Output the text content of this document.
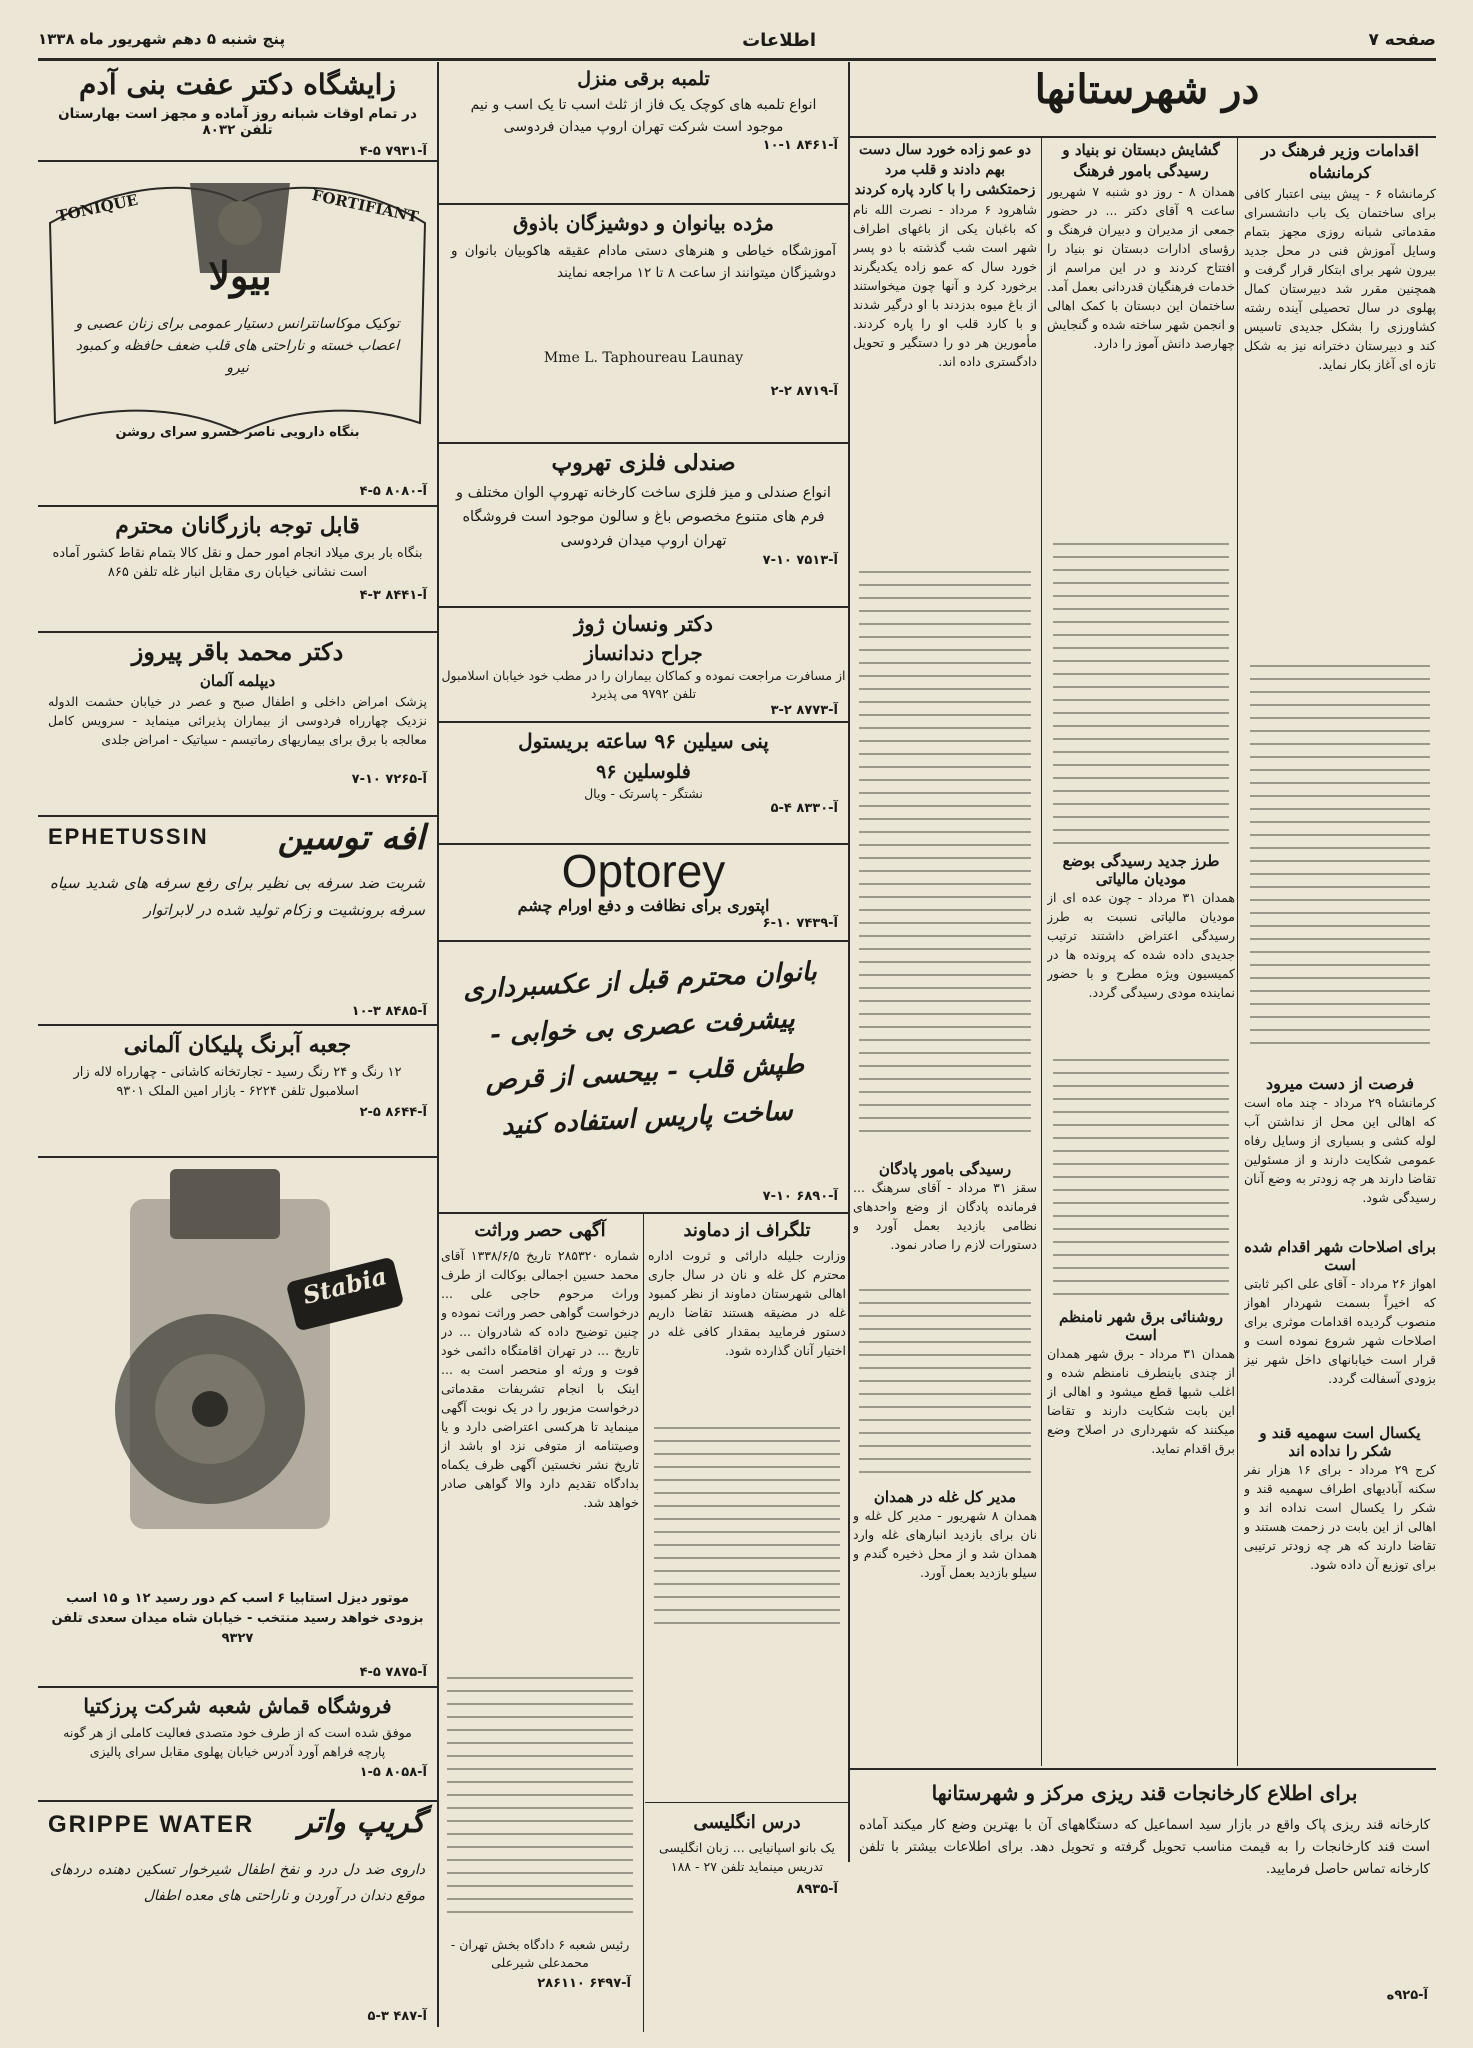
صفحه ۷
اطلاعات
پنج شنبه ۵ دهم شهریور ماه ۱۳۳۸
در شهرستانها
اقدامات وزیر فرهنگ در کرمانشاه
کرمانشاه ۶ - پیش بینی اعتبار کافی برای ساختمان یک باب دانشسرای مقدماتی شبانه روزی مجهز بتمام وسایل آموزش فنی در محل جدید بیرون شهر برای ابتکار قرار گرفت و همچنین مقرر شد دبیرستان کمال پهلوی در سال تحصیلی آینده رشته کشاورزی را بشکل جدیدی تاسیس کند و دبیرستان دخترانه نیز به شکل تازه ای آغاز بکار نماید.
فرصت از دست میرود
کرمانشاه ۲۹ مرداد - چند ماه است که اهالی این محل از نداشتن آب لوله کشی و بسیاری از وسایل رفاه عمومی شکایت دارند و از مسئولین تقاضا دارند هر چه زودتر به وضع آنان رسیدگی شود.
برای اصلاحات شهر اقدام شده است
اهواز ۲۶ مرداد - آقای علی اکبر ثابتی که اخیراً بسمت شهردار اهواز منصوب گردیده اقدامات موثری برای اصلاحات شهر شروع نموده است و قرار است خیابانهای داخل شهر نیز بزودی آسفالت گردد.
یکسال است سهمیه قند و شکر را نداده اند
کرج ۲۹ مرداد - برای ۱۶ هزار نفر سکنه آبادیهای اطراف سهمیه قند و شکر را یکسال است نداده اند و اهالی از این بابت در زحمت هستند و تقاضا دارند که هر چه زودتر ترتیبی برای توزیع آن داده شود.
گشایش دبستان نو بنیاد و رسیدگی بامور فرهنگ
همدان ۸ - روز دو شنبه ۷ شهریور ساعت ۹ آقای دکتر ... در حضور جمعی از مدیران و دبیران فرهنگ و رؤسای ادارات دبستان نو بنیاد را افتتاح کردند و در این مراسم از خدمات فرهنگیان قدردانی بعمل آمد. ساختمان این دبستان با کمک اهالی و انجمن شهر ساخته شده و گنجایش چهارصد دانش آموز را دارد.
طرز جدید رسیدگی بوضع مودیان مالیاتی
همدان ۳۱ مرداد - چون عده ای از مودیان مالیاتی نسبت به طرز رسیدگی اعتراض داشتند ترتیب جدیدی داده شده که پرونده ها در کمیسیون ویژه مطرح و با حضور نماینده مودی رسیدگی گردد.
روشنائی برق شهر نامنظم است
همدان ۳۱ مرداد - برق شهر همدان از چندی باینطرف نامنظم شده و اغلب شبها قطع میشود و اهالی از این بابت شکایت دارند و تقاضا میکنند که شهرداری در اصلاح وضع برق اقدام نماید.
دو عمو زاده خورد سال دست بهم دادند و قلب مرد زحمتکشی را با کارد پاره کردند
شاهرود ۶ مرداد - نصرت الله نام که باغبان یکی از باغهای اطراف شهر است شب گذشته با دو پسر خورد سال که عمو زاده یکدیگرند برخورد کرد و آنها چون میخواستند از باغ میوه بدزدند با او درگیر شدند و با کارد قلب او را پاره کردند. مأمورین هر دو را دستگیر و تحویل دادگستری داده اند.
رسیدگی بامور پادگان
سقز ۳۱ مرداد - آقای سرهنگ ... فرمانده پادگان از وضع واحدهای نظامی بازدید بعمل آورد و دستورات لازم را صادر نمود.
مدیر کل غله در همدان
همدان ۸ شهریور - مدیر کل غله و نان برای بازدید انبارهای غله وارد همدان شد و از محل ذخیره گندم و سیلو بازدید بعمل آورد.
برای اطلاع کارخانجات قند ریزی مرکز و شهرستانها
کارخانه قند ریزی پاک واقع در بازار سید اسماعیل که دستگاههای آن با بهترین وضع کار میکند آماده است قند کارخانجات را به قیمت مناسب تحویل گرفته و تحویل دهد. برای اطلاعات بیشتر با تلفن کارخانه تماس حاصل فرمایید.
آ-۹۲۵ه
تلمبه برقی منزل
انواع تلمبه های کوچک یک فاز از ثلث اسب تا یک اسب و نیم موجود است شرکت تهران اروپ میدان فردوسی
آ-۸۴۶۱ ۱-۱۰
مژده بیانوان و دوشیزگان باذوق
آموزشگاه خیاطی و هنرهای دستی مادام عقیقه هاکوبیان بانوان و دوشیزگان میتوانند از ساعت ۸ تا ۱۲ مراجعه نمایند
Mme L. Taphoureau Launay
آ-۸۷۱۹ ۲-۲
صندلی فلزی تهروپ
انواع صندلی و میز فلزی ساخت کارخانه تهروپ الوان مختلف و فرم های متنوع مخصوص باغ و سالون موجود است فروشگاه تهران اروپ میدان فردوسی
آ-۷۵۱۳ ۱۰-۷
دکتر ونسان ژوژ
جراح دندانساز
از مسافرت مراجعت نموده و کماکان بیماران را در مطب خود خیابان اسلامبول تلفن ۹۷۹۲ می پذیرد
آ-۸۷۷۳ ۲-۳
پنی سیلین ۹۶ ساعته بریستول
فلوسلین ۹۶
نشتگر - پاسرتک - ویال
آ-۸۳۳۰ ۴-۵
Optorey
اپتوری برای نظافت و دفع اورام چشم
آ-۷۴۳۹ ۱۰-۶
بانوان محترم قبل از عکسبرداری پیشرفت عصری بی خوابی - طپش قلب - بیحسی از قرص ساخت پاریس استفاده کنید
آ-۶۸۹۰ ۱۰-۷
تلگراف از دماوند
وزارت جلیله دارائی و ثروت اداره محترم کل غله و نان در سال جاری اهالی شهرستان دماوند از نظر کمبود غله در مضیقه هستند تقاضا داریم دستور فرمایید بمقدار کافی غله در اختیار آنان گذارده شود.
درس انگلیسی
یک بانو اسپانیایی ... زبان انگلیسی تدریس مینماید تلفن ۲۷ - ۱۸۸
آ-۸۹۳۵
آگهی حصر وراثت
شماره ۲۸۵۳۲۰ تاریخ ۱۳۳۸/۶/۵ آقای محمد حسین اجمالی بوکالت از طرف وراث مرحوم حاجی علی ... درخواست گواهی حصر وراثت نموده و چنین توضیح داده که شادروان ... در تاریخ ... در تهران اقامتگاه دائمی خود فوت و ورثه او منحصر است به ... اینک با انجام تشریفات مقدماتی درخواست مزبور را در یک نوبت آگهی مینماید تا هرکسی اعتراضی دارد و یا وصیتنامه از متوفی نزد او باشد از تاریخ نشر نخستین آگهی ظرف یکماه بدادگاه تقدیم دارد والا گواهی صادر خواهد شد.
رئیس شعبه ۶ دادگاه بخش تهران - محمدعلی شیرعلی
آ-۶۴۹۷ ۲۸۶۱۱۰
زایشگاه دکتر عفت بنی آدم
در تمام اوقات شبانه روز آماده و مجهز است بهارستان تلفن ۸۰۳۲
آ-۷۹۳۱ ۵-۴
TONIQUE	FORTIFIANT
بیولا
توکیک موکاسانترانس دستیار عمومی برای زنان عصبی و اعصاب خسته و ناراحتی های قلب ضعف حافظه و کمبود نیرو
بنگاه دارویی ناصر خسرو سرای روشن
آ-۸۰۸۰ ۵-۴
قابل توجه بازرگانان محترم
بنگاه بار بری میلاد انجام امور حمل و نقل کالا بتمام نقاط کشور آماده است نشانی خیابان ری مقابل انبار غله تلفن ۸۶۵
آ-۸۴۴۱ ۳-۴
دکتر محمد باقر پیروز
دیپلمه آلمان
پزشک امراض داخلی و اطفال صبح و عصر در خیابان حشمت الدوله نزدیک چهارراه فردوسی از بیماران پذیرائی مینماید - سرویس کامل معالجه با برق برای بیماریهای رماتیسم - سیاتیک - امراض جلدی
آ-۷۲۶۵ ۱۰-۷
EPHETUSSIN افه توسین
شربت ضد سرفه بی نظیر برای رفع سرفه های شدید سیاه سرفه برونشیت و زکام تولید شده در لابراتوار
آ-۸۴۸۵ ۳-۱۰
جعبه آبرنگ پلیکان آلمانی
۱۲ رنگ و ۲۴ رنگ رسید - تجارتخانه کاشانی - چهارراه لاله زار اسلامبول تلفن ۶۲۲۴ - بازار امین الملک ۹۳۰۱
آ-۸۶۴۴ ۵-۲
Stabia
موتور دیزل استابیا ۶ اسب کم دور رسید ۱۲ و ۱۵ اسب بزودی خواهد رسید منتخب - خیابان شاه میدان سعدی تلفن ۹۳۲۷
آ-۷۸۷۵ ۵-۴
فروشگاه قماش شعبه شرکت پرزکتیا
موفق شده است که از طرف خود متصدی فعالیت کاملی از هر گونه پارچه فراهم آورد آدرس خیابان پهلوی مقابل سرای پالیزی
آ-۸۰۵۸ ۵-۱
GRIPPE WATER گریپ واتر
داروی ضد دل درد و نفخ اطفال شیرخوار تسکین دهنده دردهای موقع دندان در آوردن و ناراحتی های معده اطفال
آ-۴۸۷ ۳-۵
